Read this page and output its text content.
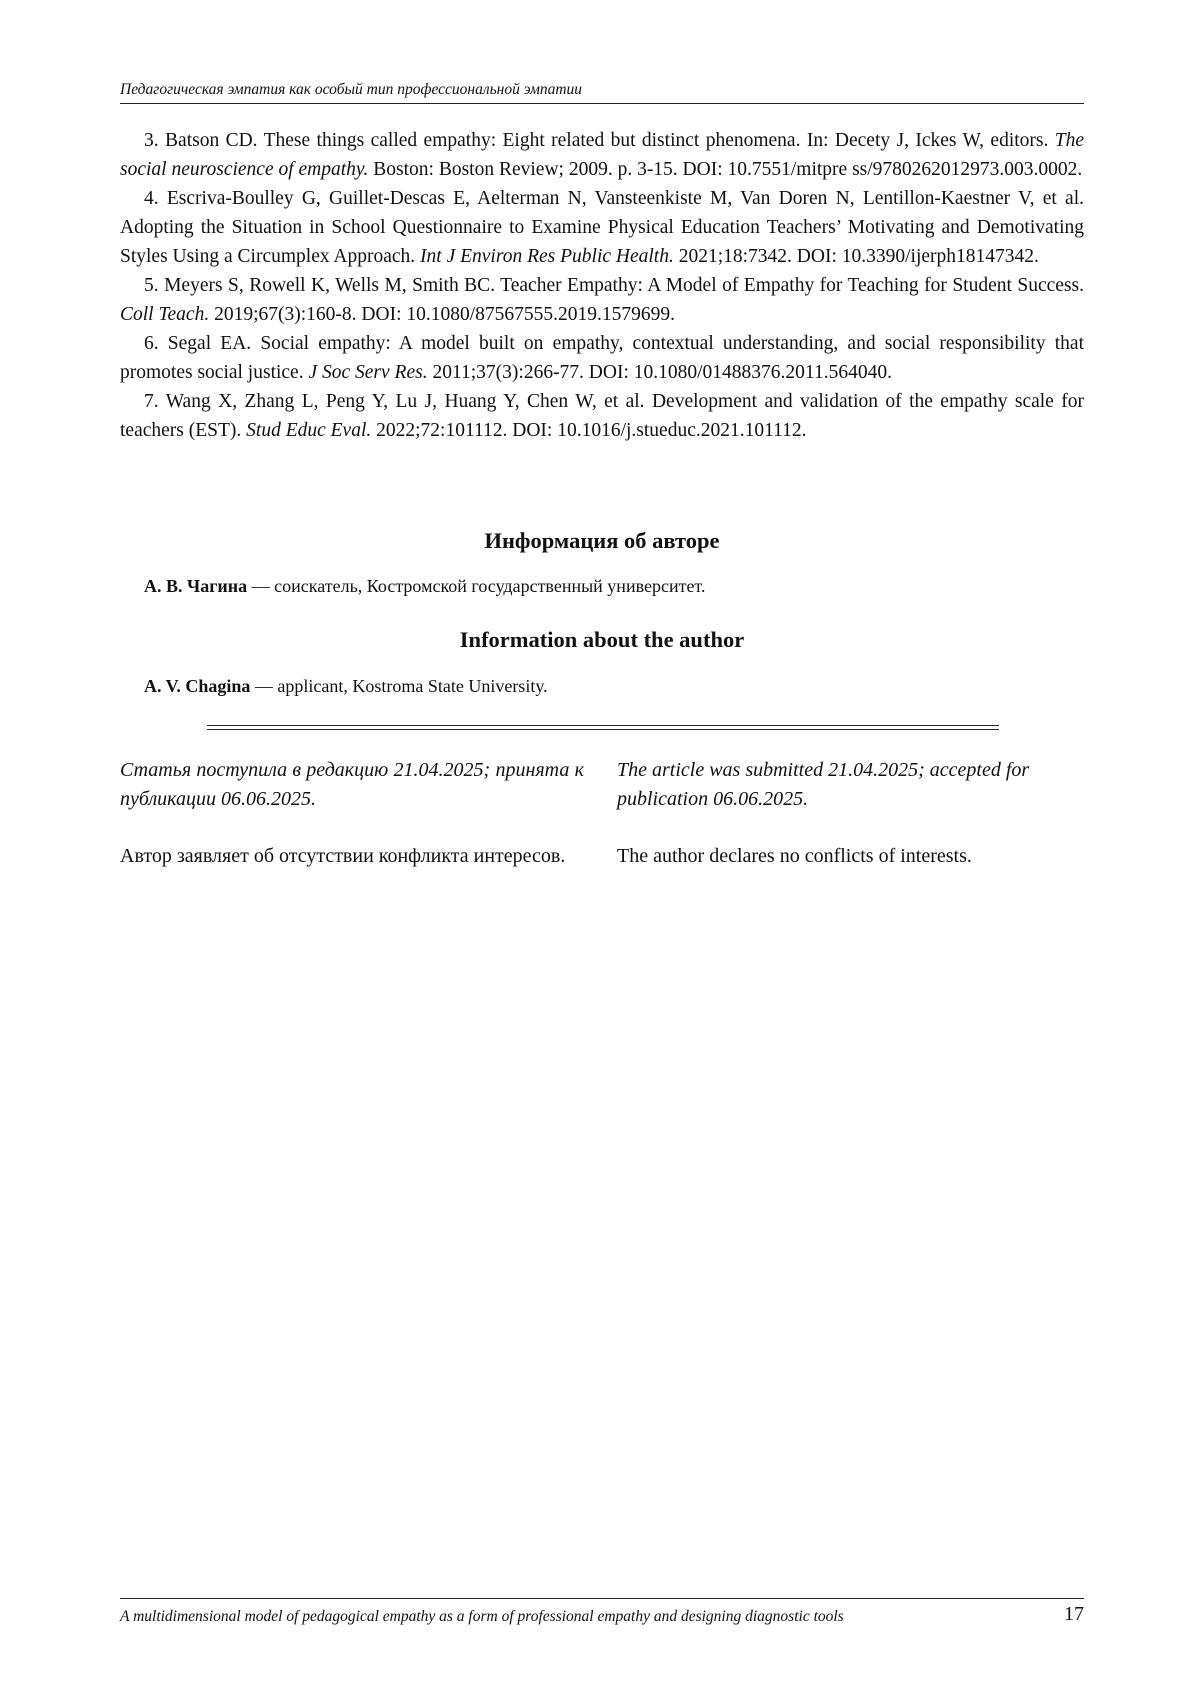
Педагогическая эмпатия как особый тип профессиональной эмпатии

3. Batson CD. These things called empathy: Eight related but distinct phenomena. In: Decety J, Ickes W, editors. The social neuroscience of empathy. Boston: Boston Review; 2009. p. 3-15. DOI: 10.7551/mitpre ss/9780262012973.003.0002.

4. Escriva-Boulley G, Guillet-Descas E, Aelterman N, Vansteenkiste M, Van Doren N, Lentillon-Kaestner V, et al. Adopting the Situation in School Questionnaire to Examine Physical Education Teachers’ Motivating and Demotivating Styles Using a Circumplex Approach. Int J Environ Res Public Health. 2021;18:7342. DOI: 10.3390/ijerph18147342.

5. Meyers S, Rowell K, Wells M, Smith BC. Teacher Empathy: A Model of Empathy for Teaching for Student Success. Coll Teach. 2019;67(3):160-8. DOI: 10.1080/87567555.2019.1579699.

6. Segal EA. Social empathy: A model built on empathy, contextual understanding, and social responsibility that promotes social justice. J Soc Serv Res. 2011;37(3):266-77. DOI: 10.1080/01488376.2011.564040.

7. Wang X, Zhang L, Peng Y, Lu J, Huang Y, Chen W, et al. Development and validation of the empathy scale for teachers (EST). Stud Educ Eval. 2022;72:101112. DOI: 10.1016/j.stueduc.2021.101112.

Информация об авторе
А. В. Чагина — соискатель, Костромской государственный университет.
Information about the author
A. V. Chagina — applicant, Kostroma State University.

Статья поступила в редакцию 21.04.2025; принята к публикации 06.06.2025.

The article was submitted 21.04.2025; accepted for publication 06.06.2025.

Автор заявляет об отсутствии конфликта интересов.	The author declares no conflicts of interests.

A multidimensional model of pedagogical empathy as a form of professional empathy and designing diagnostic tools	17
